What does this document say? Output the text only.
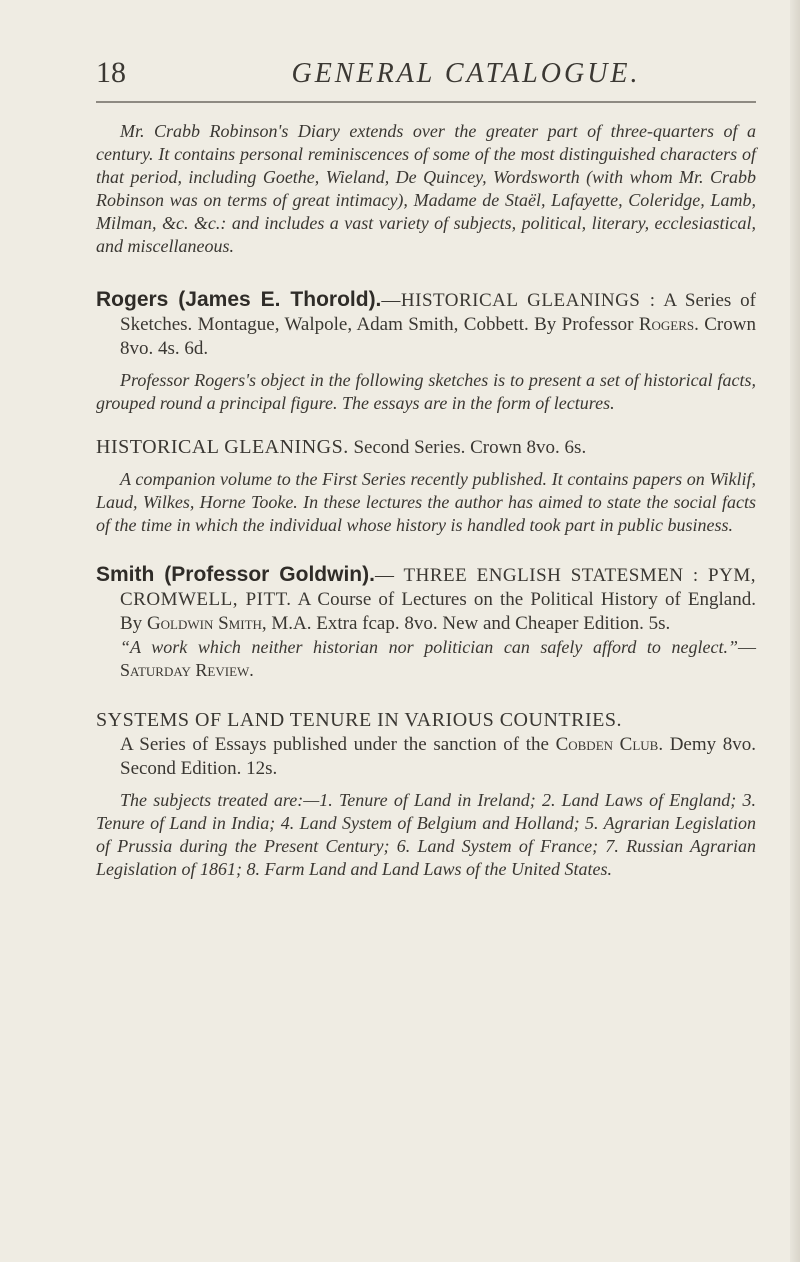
18	GENERAL CATALOGUE.

Mr. Crabb Robinson's Diary extends over the greater part of three-quarters of a century. It contains personal reminiscences of some of the most distinguished characters of that period, including Goethe, Wieland, De Quincey, Wordsworth (with whom Mr. Crabb Robinson was on terms of great intimacy), Madame de Staël, Lafayette, Coleridge, Lamb, Milman, &c. &c.: and includes a vast variety of subjects, political, literary, ecclesiastical, and miscellaneous.

Rogers (James E. Thorold).—HISTORICAL GLEANINGS : A Series of Sketches. Montague, Walpole, Adam Smith, Cobbett. By Professor Rogers. Crown 8vo. 4s. 6d.

Professor Rogers's object in the following sketches is to present a set of historical facts, grouped round a principal figure. The essays are in the form of lectures.

HISTORICAL GLEANINGS. Second Series. Crown 8vo. 6s.

A companion volume to the First Series recently published. It contains papers on Wiklif, Laud, Wilkes, Horne Tooke. In these lectures the author has aimed to state the social facts of the time in which the individual whose history is handled took part in public business.

Smith (Professor Goldwin).— THREE ENGLISH STATESMEN : PYM, CROMWELL, PITT. A Course of Lectures on the Political History of England. By Goldwin Smith, M.A. Extra fcap. 8vo. New and Cheaper Edition. 5s.

“A work which neither historian nor politician can safely afford to neglect.”—Saturday Review.

SYSTEMS OF LAND TENURE IN VARIOUS COUNTRIES.
A Series of Essays published under the sanction of the Cobden Club. Demy 8vo. Second Edition. 12s.

The subjects treated are:—1. Tenure of Land in Ireland; 2. Land Laws of England; 3. Tenure of Land in India; 4. Land System of Belgium and Holland; 5. Agrarian Legislation of Prussia during the Present Century; 6. Land System of France; 7. Russian Agrarian Legislation of 1861; 8. Farm Land and Land Laws of the United States.
